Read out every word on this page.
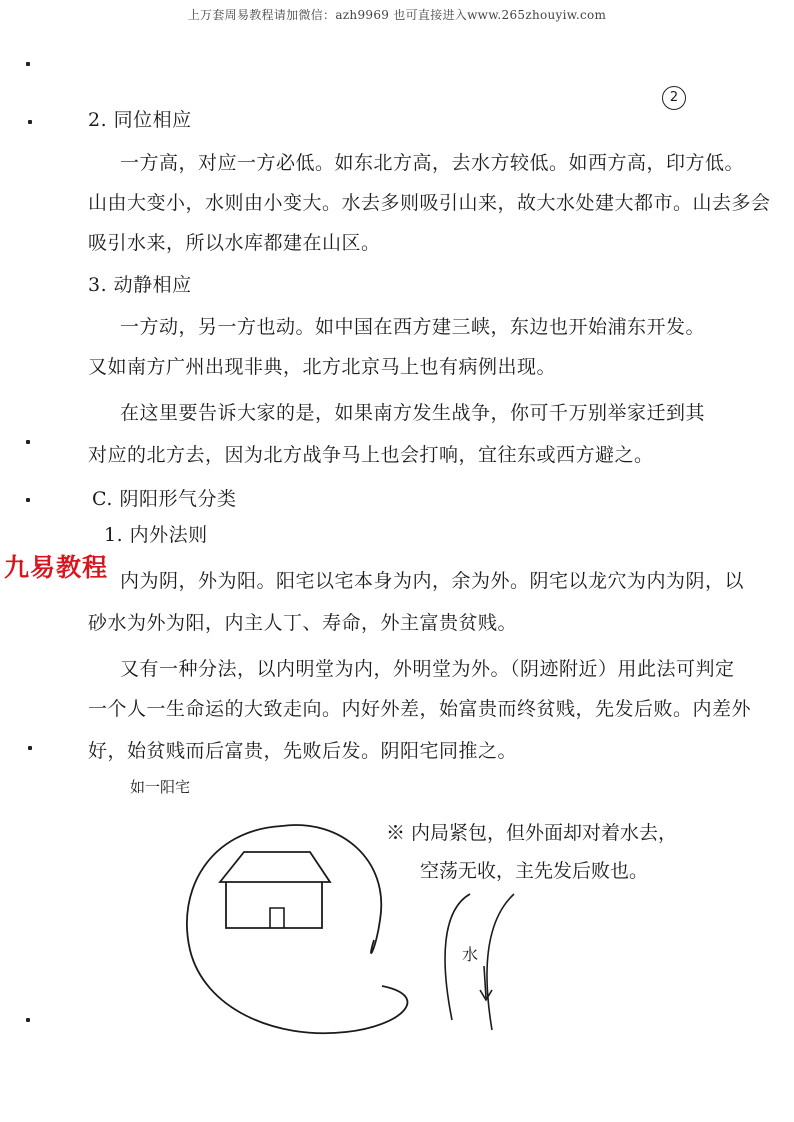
上万套周易教程请加微信：azh9969 也可直接进入www.265zhouyiw.com
2
2. 同位相应
一方高，对应一方必低。如东北方高，去水方较低。如西方高，印方低。
山由大变小，水则由小变大。水去多则吸引山来，故大水处建大都市。山去多会
吸引水来，所以水库都建在山区。
3. 动静相应
一方动，另一方也动。如中国在西方建三峡，东边也开始浦东开发。
又如南方广州出现非典，北方北京马上也有病例出现。
在这里要告诉大家的是，如果南方发生战争，你可千万别举家迁到其
对应的北方去，因为北方战争马上也会打响，宜往东或西方避之。
C. 阴阳形气分类
1. 内外法则
内为阴，外为阳。阳宅以宅本身为内，余为外。阴宅以龙穴为内为阴，以
砂水为外为阳，内主人丁、寿命，外主富贵贫贱。
又有一种分法，以内明堂为内，外明堂为外。（阴迹附近）用此法可判定
一个人一生命运的大致走向。内好外差，始富贵而终贫贱，先发后败。内差外
好，始贫贱而后富贵，先败后发。阴阳宅同推之。
九易教程
如一阳宅
※ 内局紧包，但外面却对着水去，
空荡无收，主先发后败也。
水
